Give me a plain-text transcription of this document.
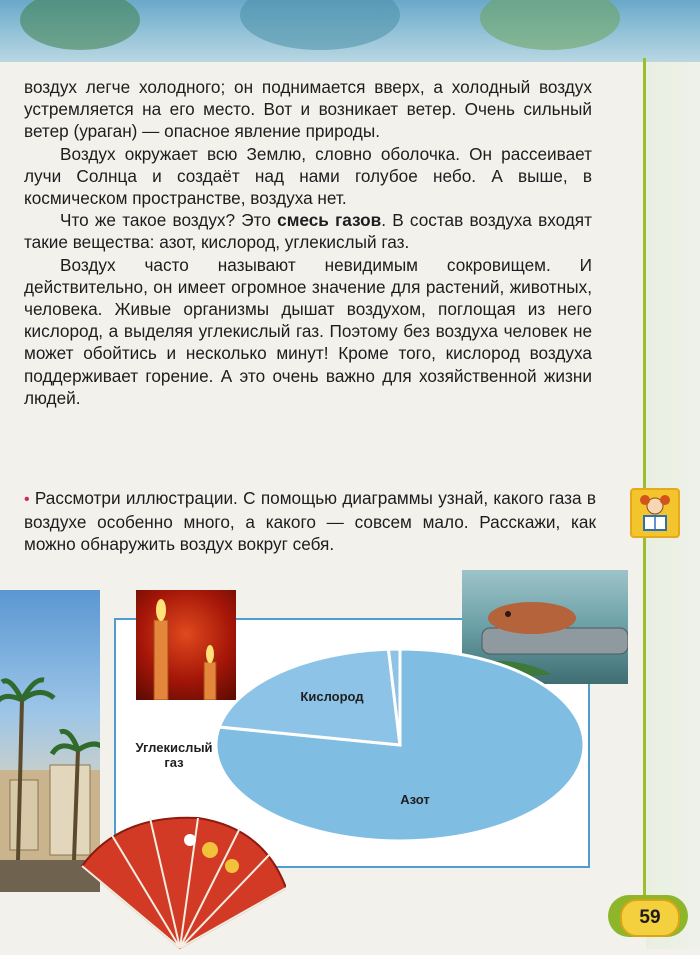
воздух легче холодного; он поднимается вверх, а холодный воздух устремляется на его место. Вот и возникает ветер. Очень сильный ветер (ураган) — опасное явление природы.

Воздух окружает всю Землю, словно оболочка. Он рассеивает лучи Солнца и создаёт над нами голубое небо. А выше, в космическом пространстве, воздуха нет.

Что же такое воздух? Это смесь газов. В состав воздуха входят такие вещества: азот, кислород, углекислый газ.

Воздух часто называют невидимым сокровищем. И действительно, он имеет огромное значение для растений, животных, человека. Живые организмы дышат воздухом, поглощая из него кислород, а выделяя углекислый газ. Поэтому без воздуха человек не может обойтись и несколько минут! Кроме того, кислород воздуха поддерживает горение. А это очень важно для хозяйственной жизни людей.

• Рассмотри иллюстрации. С помощью диаграммы узнай, какого газа в воздухе особенно много, а какого — совсем мало. Расскажи, как можно обнаружить воздух вокруг себя.
Азот
Кислород
Углекислый газ
59
